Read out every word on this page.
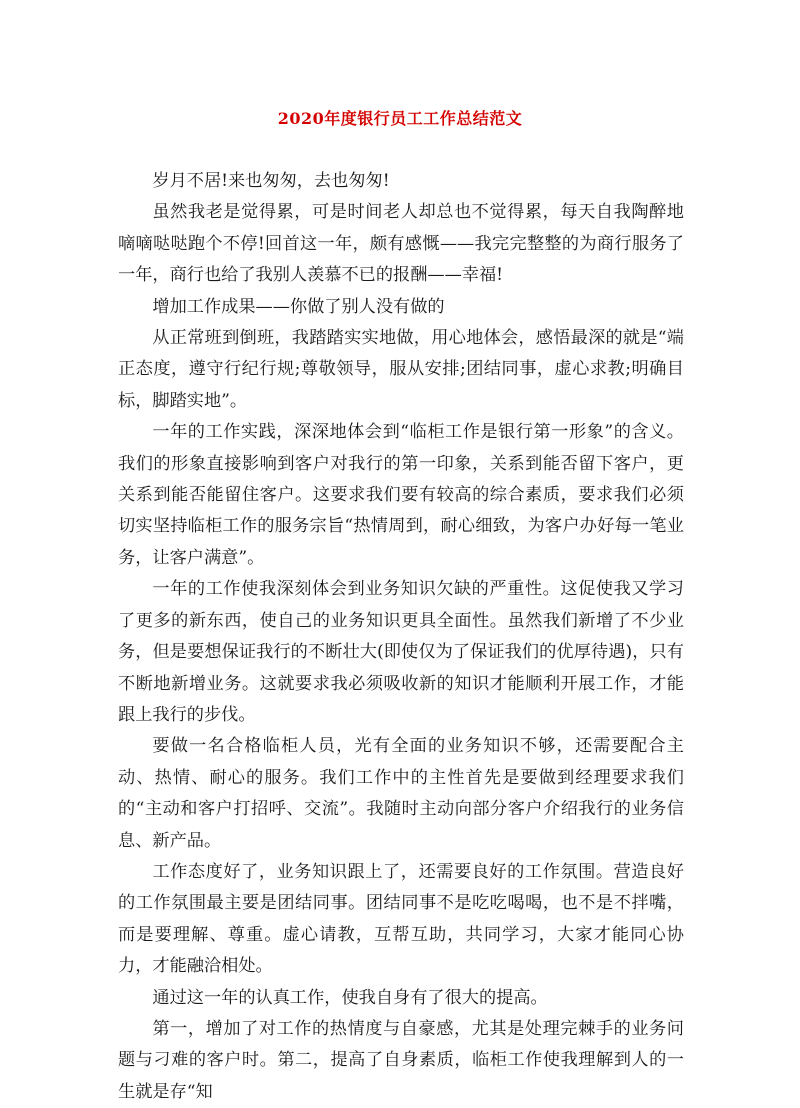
2020年度银行员工工作总结范文

岁月不居!来也匆匆，去也匆匆!

虽然我老是觉得累，可是时间老人却总也不觉得累，每天自我陶醉地嘀嘀哒哒跑个不停!回首这一年，颇有感慨——我完完整整的为商行服务了一年，商行也给了我别人羡慕不已的报酬——幸福!

增加工作成果——你做了别人没有做的

从正常班到倒班，我踏踏实实地做，用心地体会，感悟最深的就是“端正态度，遵守行纪行规;尊敬领导，服从安排;团结同事，虚心求教;明确目标，脚踏实地”。

一年的工作实践，深深地体会到“临柜工作是银行第一形象”的含义。我们的形象直接影响到客户对我行的第一印象，关系到能否留下客户，更关系到能否能留住客户。这要求我们要有较高的综合素质，要求我们必须切实坚持临柜工作的服务宗旨“热情周到，耐心细致，为客户办好每一笔业务，让客户满意”。

一年的工作使我深刻体会到业务知识欠缺的严重性。这促使我又学习了更多的新东西，使自己的业务知识更具全面性。虽然我们新增了不少业务，但是要想保证我行的不断壮大(即使仅为了保证我们的优厚待遇)，只有不断地新增业务。这就要求我必须吸收新的知识才能顺利开展工作，才能跟上我行的步伐。

要做一名合格临柜人员，光有全面的业务知识不够，还需要配合主动、热情、耐心的服务。我们工作中的主性首先是要做到经理要求我们的“主动和客户打招呼、交流”。我随时主动向部分客户介绍我行的业务信息、新产品。

工作态度好了，业务知识跟上了，还需要良好的工作氛围。营造良好的工作氛围最主要是团结同事。团结同事不是吃吃喝喝，也不是不拌嘴，而是要理解、尊重。虚心请教，互帮互助，共同学习，大家才能同心协力，才能融洽相处。

通过这一年的认真工作，使我自身有了很大的提高。

第一，增加了对工作的热情度与自豪感，尤其是处理完棘手的业务问题与刁难的客户时。第二，提高了自身素质，临柜工作使我理解到人的一生就是存“知
